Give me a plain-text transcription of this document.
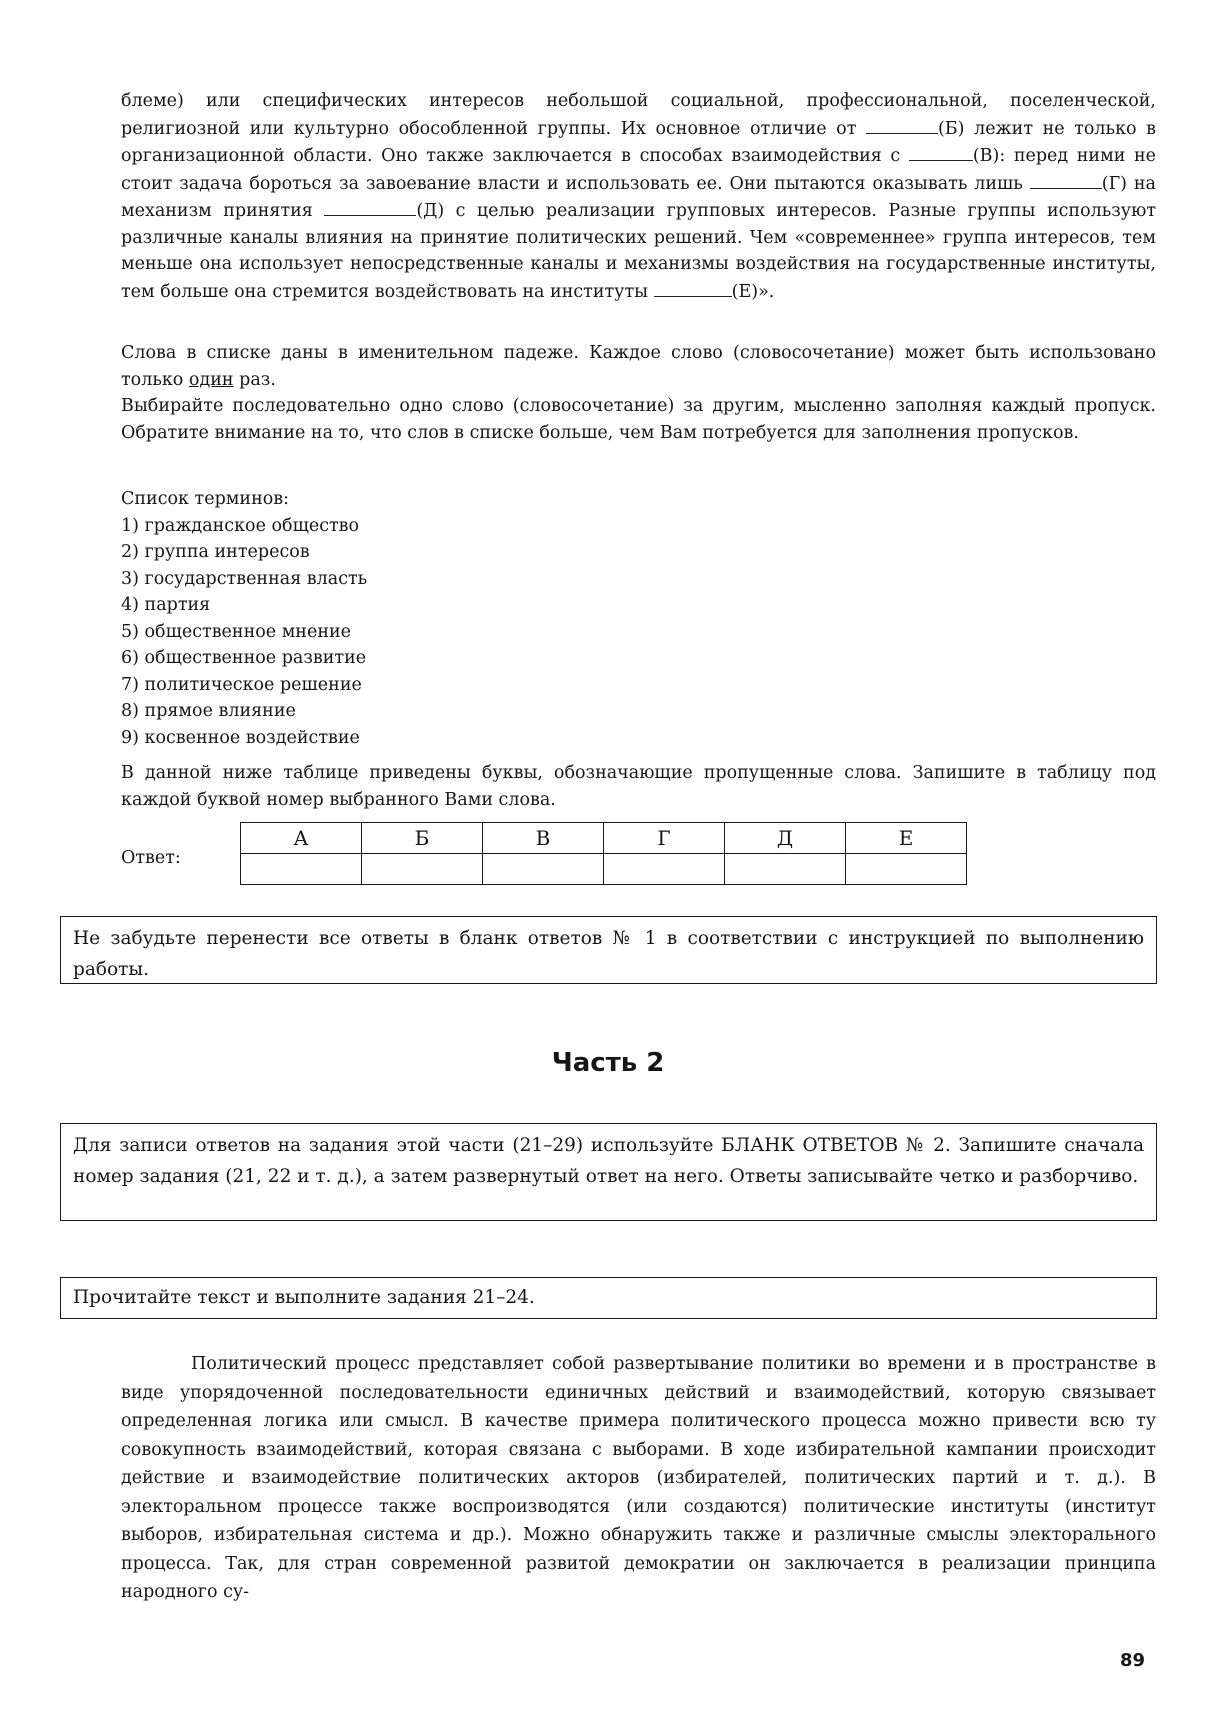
блеме) или специфических интересов небольшой социальной, профессиональной, поселенческой, религиозной или культурно обособленной группы. Их основное отличие от	(Б) лежит не только в организационной области. Оно также заключается в способах взаимодействия с	(В): перед ними не стоит задача бороться за завоевание власти и использовать ее. Они пытаются оказывать лишь	(Г) на механизм принятия	(Д) с целью реализации групповых интересов. Разные группы используют различные каналы влияния на принятие политических решений. Чем «современнее» группа интересов, тем меньше она использует непосредственные каналы и механизмы воздействия на государственные институты, тем больше она стремится воздействовать на институты	(Е)».

Слова в списке даны в именительном падеже. Каждое слово (словосочетание) может быть использовано только один раз.

Выбирайте последовательно одно слово (словосочетание) за другим, мысленно заполняя каждый пропуск. Обратите внимание на то, что слов в списке больше, чем Вам потребуется для заполнения пропусков.

Список терминов:
1) гражданское общество
2) группа интересов
3) государственная власть
4) партия
5) общественное мнение
6) общественное развитие
7) политическое решение
8) прямое влияние
9) косвенное воздействие
В данной ниже таблице приведены буквы, обозначающие пропущенные слова. Запишите в таблицу под каждой буквой номер выбранного Вами слова.
Ответ:
А	Б	В	Г	Д	Е

Не забудьте перенести все ответы в бланк ответов № 1 в соответствии с инструкцией по выполнению работы.
Часть 2
Для записи ответов на задания этой части (21–29) используйте БЛАНК ОТВЕТОВ № 2. Запишите сначала номер задания (21, 22 и т. д.), а затем развернутый ответ на него. Ответы записывайте четко и разборчиво.
Прочитайте текст и выполните задания 21–24.
Политический процесс представляет собой развертывание политики во времени и в пространстве в виде упорядоченной последовательности единичных действий и взаимодействий, которую связывает определенная логика или смысл. В качестве примера политического процесса можно привести всю ту совокупность взаимодействий, которая связана с выборами. В ходе избирательной кампании происходит действие и взаимодействие политических акторов (избирателей, политических партий и т. д.). В электоральном процессе также воспроизводятся (или создаются) политические институты (институт выборов, избирательная система и др.). Можно обнаружить также и различные смыслы электорального процесса. Так, для стран современной развитой демократии он заключается в реализации принципа народного су-
89
